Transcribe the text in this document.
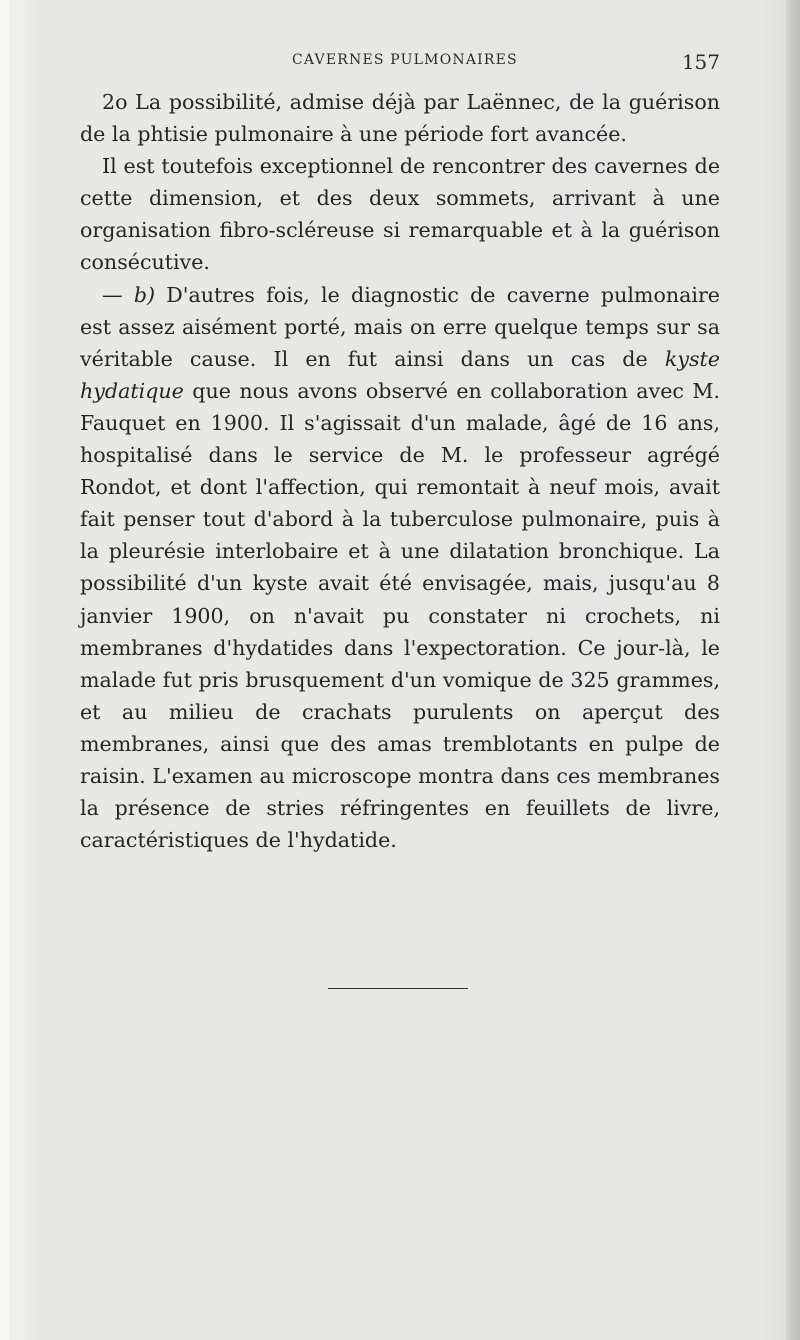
CAVERNES PULMONAIRES	157

2o La possibilité, admise déjà par Laënnec, de la guérison de la phtisie pulmonaire à une période fort avancée.

Il est toutefois exceptionnel de rencontrer des cavernes de cette dimension, et des deux sommets, arrivant à une organisation fibro-scléreuse si remarquable et à la guérison consécutive.

— b) D'autres fois, le diagnostic de caverne pulmonaire est assez aisément porté, mais on erre quelque temps sur sa véritable cause. Il en fut ainsi dans un cas de kyste hydatique que nous avons observé en collaboration avec M. Fauquet en 1900. Il s'agissait d'un malade, âgé de 16 ans, hospitalisé dans le service de M. le professeur agrégé Rondot, et dont l'affection, qui remontait à neuf mois, avait fait penser tout d'abord à la tuberculose pulmonaire, puis à la pleurésie interlobaire et à une dilatation bronchique. La possibilité d'un kyste avait été envisagée, mais, jusqu'au 8 janvier 1900, on n'avait pu constater ni crochets, ni membranes d'hydatides dans l'expectoration. Ce jour-là, le malade fut pris brusquement d'un vomique de 325 grammes, et au milieu de crachats purulents on aperçut des membranes, ainsi que des amas tremblotants en pulpe de raisin. L'examen au microscope montra dans ces membranes la présence de stries réfringentes en feuillets de livre, caractéristiques de l'hydatide.
